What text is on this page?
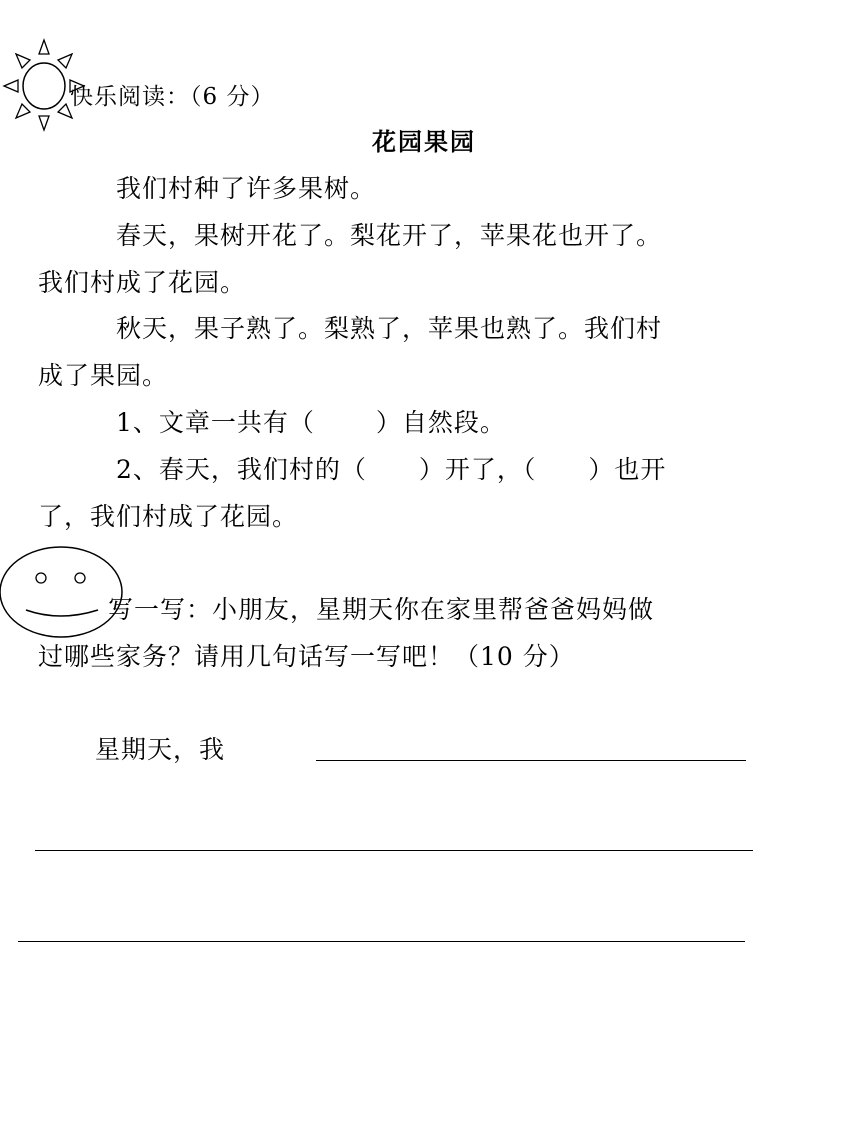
快乐阅读：（6 分）
花园果园
我们村种了许多果树。
春天，果树开花了。梨花开了，苹果花也开了。
我们村成了花园。
秋天，果子熟了。梨熟了，苹果也熟了。我们村
成了果园。
1、文章一共有（　　 ）自然段。
2、春天，我们村的（　　）开了，（　　）也开
了，我们村成了花园。
写一写：小朋友，星期天你在家里帮爸爸妈妈做
过哪些家务？请用几句话写一写吧！（10 分）
星期天，我
